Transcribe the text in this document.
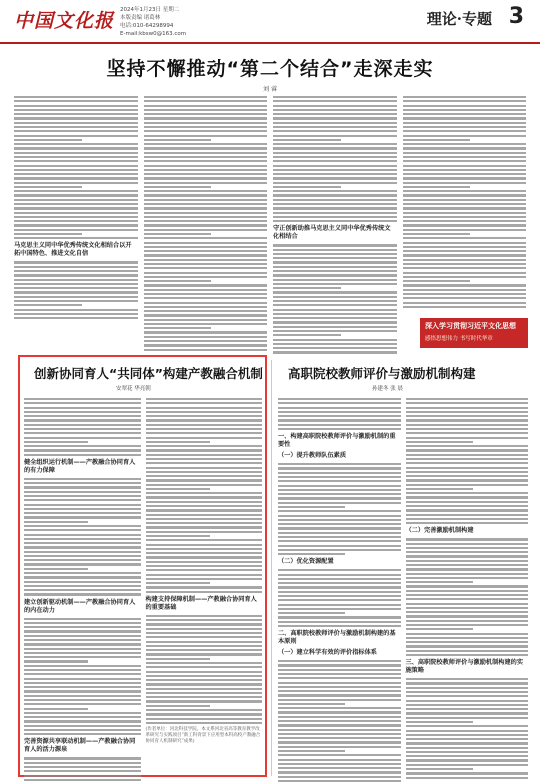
中国文化报 2024年1月23日 星期二
本版责编 诸葛林
电话:010-64298994
E-mail:kbsw0@163.com
理论·专题 3
坚持不懈推动“第二个结合”走深走实
刘 睿
马克思主义同中华优秀传统文化相结合以开拓中国特色、推进文化自信
守正创新助推马克思主义同中华优秀传统文化相结合
深入学习贯彻习近平文化思想
感悟思想伟力 书写时代华章
创新协同育人“共同体”构建产教融合机制
安翠花 华亮朝
健全组织运行机制——产教融合协同育人的有力保障
建立创新驱动机制——产教融合协同育人的内在动力
完善资源共享联动机制——产教融合协同育人的活力源泉
构建支持保障机制——产教融合协同育人的重要基础
(作者单位：河北科技学院。本文系河北省高等教育教学改革研究与实践项目“新工科背景下应用型本科高校产教融合协同育人机制研究”成果)
高职院校教师评价与激励机制构建
孙建冬 张 晨
一、构建高职院校教师评价与激励机制的重要性
（一）提升教师队伍素质
（二）优化资源配置
二、高职院校教师评价与激励机制构建的基本原则
（一）建立科学有效的评价指标体系
（二）完善激励机制构建
三、高职院校教师评价与激励机制构建的实施策略
